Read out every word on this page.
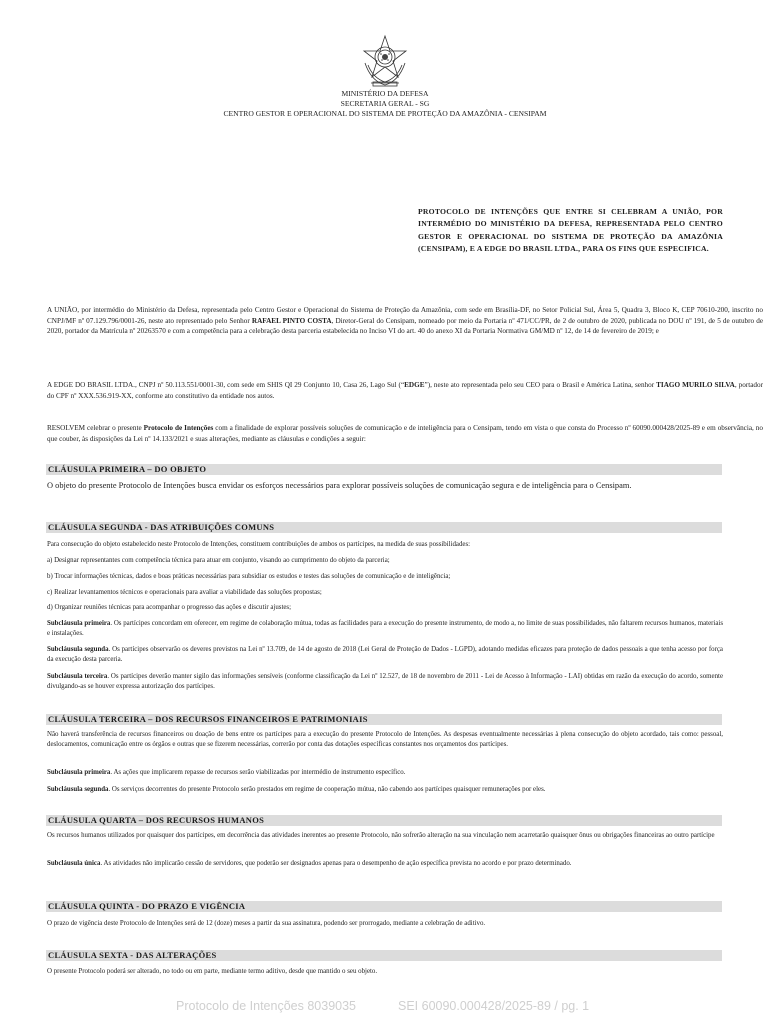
MINISTÉRIO DA DEFESA
SECRETARIA GERAL - SG
CENTRO GESTOR E OPERACIONAL DO SISTEMA DE PROTEÇÃO DA AMAZÔNIA - CENSIPAM
PROTOCOLO DE INTENÇÕES QUE ENTRE SI CELEBRAM A UNIÃO, POR INTERMÉDIO DO MINISTÉRIO DA DEFESA, REPRESENTADA PELO CENTRO GESTOR E OPERACIONAL DO SISTEMA DE PROTEÇÃO DA AMAZÔNIA (CENSIPAM), E A EDGE DO BRASIL LTDA., PARA OS FINS QUE ESPECIFICA.
A UNIÃO, por intermédio do Ministério da Defesa, representada pelo Centro Gestor e Operacional do Sistema de Proteção da Amazônia, com sede em Brasília-DF, no Setor Policial Sul, Área 5, Quadra 3, Bloco K, CEP 70610-200, inscrito no CNPJ/MF nº 07.129.796/0001-26, neste ato representado pelo Senhor RAFAEL PINTO COSTA, Diretor-Geral do Censipam, nomeado por meio da Portaria nº 471/CC/PR, de 2 de outubro de 2020, publicada no DOU nº 191, de 5 de outubro de 2020, portador da Matrícula nº 20263570 e com a competência para a celebração desta parceria estabelecida no Inciso VI do art. 40 do anexo XI da Portaria Normativa GM/MD nº 12, de 14 de fevereiro de 2019; e
A EDGE DO BRASIL LTDA., CNPJ nº 50.113.551/0001-30, com sede em SHIS QI 29 Conjunto 10, Casa 26, Lago Sul (“EDGE”), neste ato representada pelo seu CEO para o Brasil e América Latina, senhor TIAGO MURILO SILVA, portador do CPF nº XXX.536.919-XX, conforme ato constitutivo da entidade nos autos.
RESOLVEM celebrar o presente Protocolo de Intenções com a finalidade de explorar possíveis soluções de comunicação e de inteligência para o Censipam, tendo em vista o que consta do Processo nº 60090.000428/2025-89 e em observância, no que couber, às disposições da Lei nº 14.133/2021 e suas alterações, mediante as cláusulas e condições a seguir:
CLÁUSULA PRIMEIRA – DO OBJETO
O objeto do presente Protocolo de Intenções busca envidar os esforços necessários para explorar possíveis soluções de comunicação segura e de inteligência para o Censipam.
CLÁUSULA SEGUNDA - DAS ATRIBUIÇÕES COMUNS
Para consecução do objeto estabelecido neste Protocolo de Intenções, constituem contribuições de ambos os partícipes, na medida de suas possibilidades:
a) Designar representantes com competência técnica para atuar em conjunto, visando ao cumprimento do objeto da parceria;
b) Trocar informações técnicas, dados e boas práticas necessárias para subsidiar os estudos e testes das soluções de comunicação e de inteligência;
c) Realizar levantamentos técnicos e operacionais para avaliar a viabilidade das soluções propostas;
d) Organizar reuniões técnicas para acompanhar o progresso das ações e discutir ajustes;
Subcláusula primeira. Os partícipes concordam em oferecer, em regime de colaboração mútua, todas as facilidades para a execução do presente instrumento, de modo a, no limite de suas possibilidades, não faltarem recursos humanos, materiais e instalações.
Subcláusula segunda. Os partícipes observarão os deveres previstos na Lei nº 13.709, de 14 de agosto de 2018 (Lei Geral de Proteção de Dados - LGPD), adotando medidas eficazes para proteção de dados pessoais a que tenha acesso por força da execução desta parceria.
Subcláusula terceira. Os partícipes deverão manter sigilo das informações sensíveis (conforme classificação da Lei nº 12.527, de 18 de novembro de 2011 - Lei de Acesso à Informação - LAI) obtidas em razão da execução do acordo, somente divulgando-as se houver expressa autorização dos partícipes.
CLÁUSULA TERCEIRA – DOS RECURSOS FINANCEIROS E PATRIMONIAIS
Não haverá transferência de recursos financeiros ou doação de bens entre os partícipes para a execução do presente Protocolo de Intenções. As despesas eventualmente necessárias à plena consecução do objeto acordado, tais como: pessoal, deslocamentos, comunicação entre os órgãos e outras que se fizerem necessárias, correrão por conta das dotações específicas constantes nos orçamentos dos partícipes.
Subcláusula primeira. As ações que implicarem repasse de recursos serão viabilizadas por intermédio de instrumento específico.
Subcláusula segunda. Os serviços decorrentes do presente Protocolo serão prestados em regime de cooperação mútua, não cabendo aos partícipes quaisquer remunerações por eles.
CLÁUSULA QUARTA – DOS RECURSOS HUMANOS
Os recursos humanos utilizados por quaisquer dos partícipes, em decorrência das atividades inerentes ao presente Protocolo, não sofrerão alteração na sua vinculação nem acarretarão quaisquer ônus ou obrigações financeiras ao outro partícipe
Subcláusula única. As atividades não implicarão cessão de servidores, que poderão ser designados apenas para o desempenho de ação específica prevista no acordo e por prazo determinado.
CLÁUSULA QUINTA - DO PRAZO E VIGÊNCIA
O prazo de vigência deste Protocolo de Intenções será de 12 (doze) meses a partir da sua assinatura, podendo ser prorrogado, mediante a celebração de aditivo.
CLÁUSULA SEXTA - DAS ALTERAÇÕES
O presente Protocolo poderá ser alterado, no todo ou em parte, mediante termo aditivo, desde que mantido o seu objeto.
Protocolo de Intenções 8039035	SEI 60090.000428/2025-89 / pg. 1
